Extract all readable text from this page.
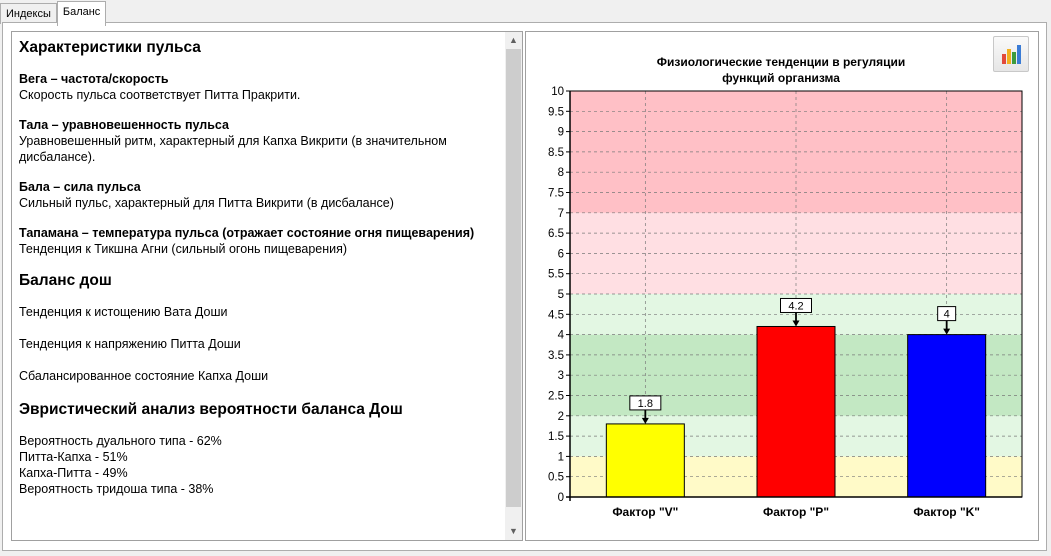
Индексы	Баланс
Характеристики пульса
Вега – частота/скорость
Скорость пульса соответствует Питта Пракрити.
Тала – уравновешенность пульса
Уравновешенный ритм, характерный для Капха Викрити (в значительном дисбалансе).
Бала – сила пульса
Сильный пульс, характерный для Питта Викрити (в дисбалансе)
Тапамана – температура пульса (отражает состояние огня пищеварения)
Тенденция к Тикшна Агни (сильный огонь пищеварения)
Баланс дош
Тенденция к истощению Вата Доши
Тенденция к напряжению Питта Доши
Сбалансированное состояние Капха Доши
Эвристический анализ вероятности баланса Дош
Вероятность дуального типа - 62%
Питта-Капха - 51%
Капха-Питта - 49%
Вероятность тридоша типа - 38%
▲
▼
Физиологические тенденции в регуляции функций организма
0
0.5
1
1.5
2
2.5
3
3.5
4
4.5
5
5.5
6
6.5
7
7.5
8
8.5
9
9.5
10
1.8
Фактор "V"
4.2
Фактор "P"
4
Фактор "K"
